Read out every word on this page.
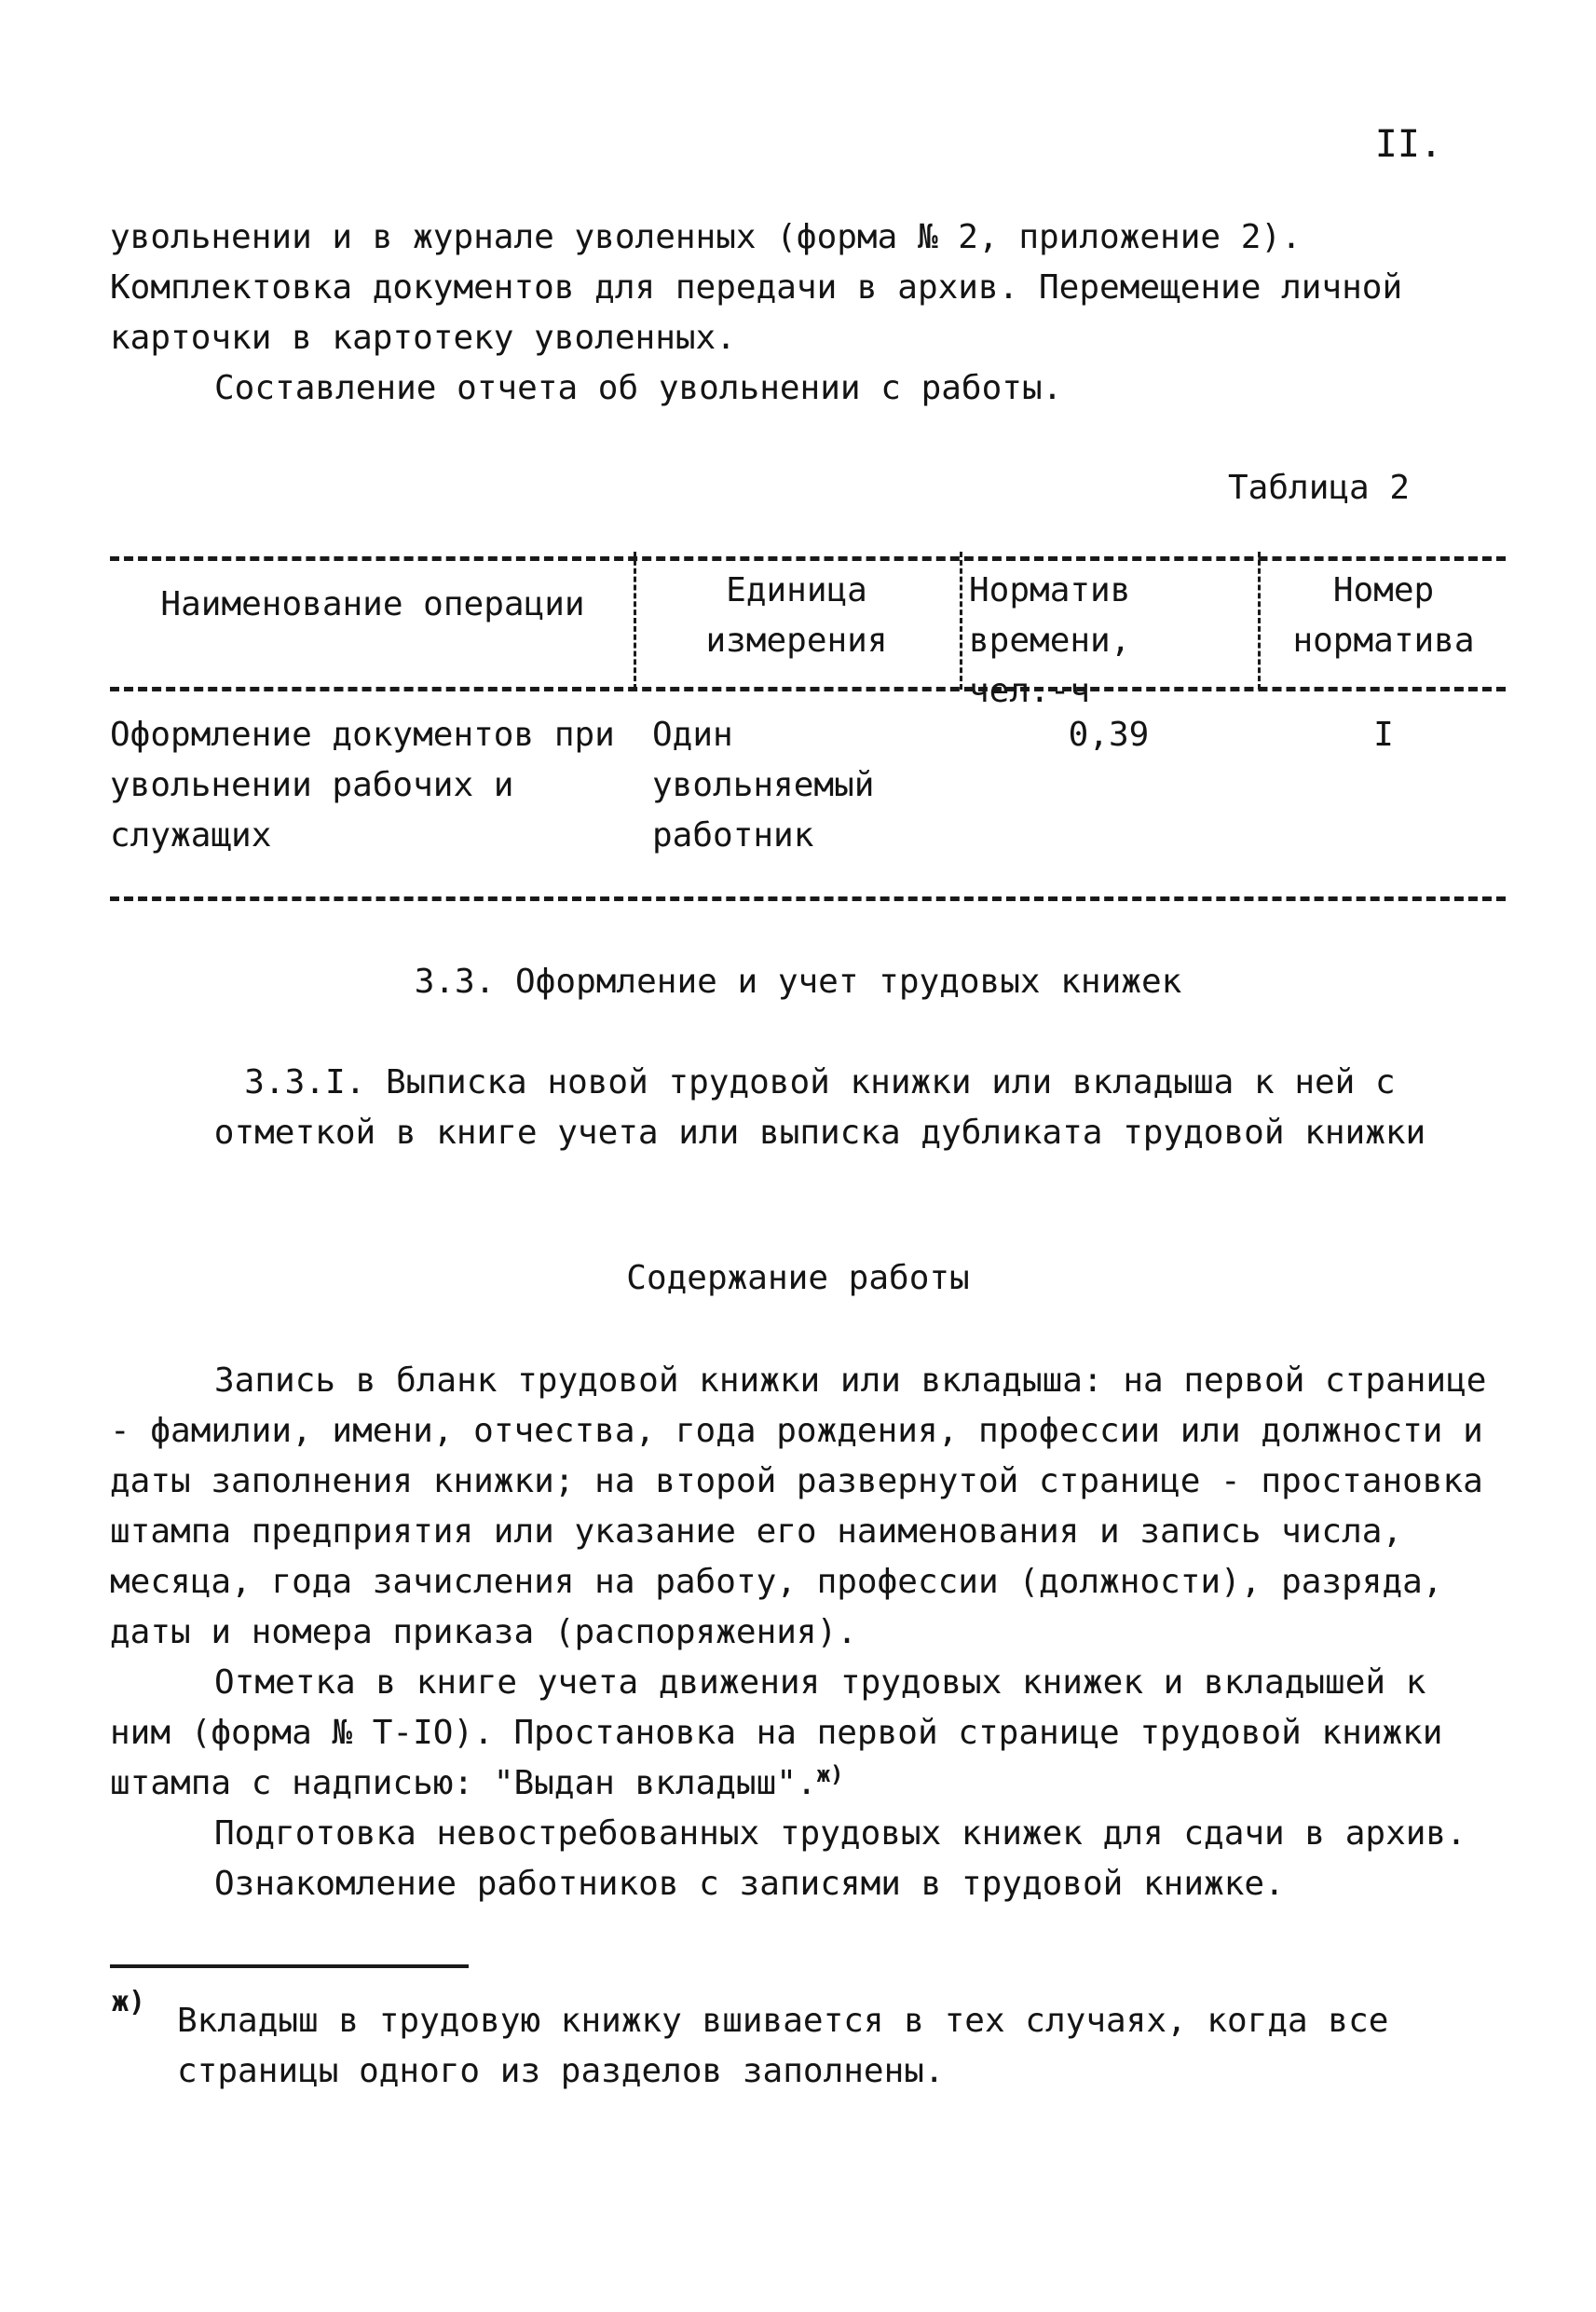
II.

увольнении и в журнале уволенных (форма № 2, приложение 2). Комплектовка документов для передачи в архив. Перемещение личной карточки в картотеку уволенных.

Составление отчета об увольнении с работы.

Таблица 2
Наименование операции	Единица измерения
Норматив времени, чел.-ч
Номер норматива
Оформление документов при увольнении рабочих и служащих
Один увольняемый работник
0,39	I
3.3. Оформление и учет трудовых книжек
3.3.I. Выписка новой трудовой книжки или вкладыша к ней с отметкой в книге учета или выписка дубликата трудовой книжки
Содержание работы

Запись в бланк трудовой книжки или вкладыша: на первой странице - фамилии, имени, отчества, года рождения, профессии или должности и даты заполнения книжки; на второй развернутой странице - простановка штампа предприятия или указание его наименования и запись числа, месяца, года зачисления на работу, профессии (должности), разряда, даты и номера приказа (распоряжения).

Отметка в книге учета движения трудовых книжек и вкладышей к ним (форма № Т-IO). Простановка на первой странице трудовой книжки штампа с надписью: "Выдан вкладыш".$^{ж)}$

Подготовка невостребованных трудовых книжек для сдачи в архив.

Ознакомление работников с записями в трудовой книжке.

ж) Вкладыш в трудовую книжку вшивается в тех случаях, когда все страницы одного из разделов заполнены.
